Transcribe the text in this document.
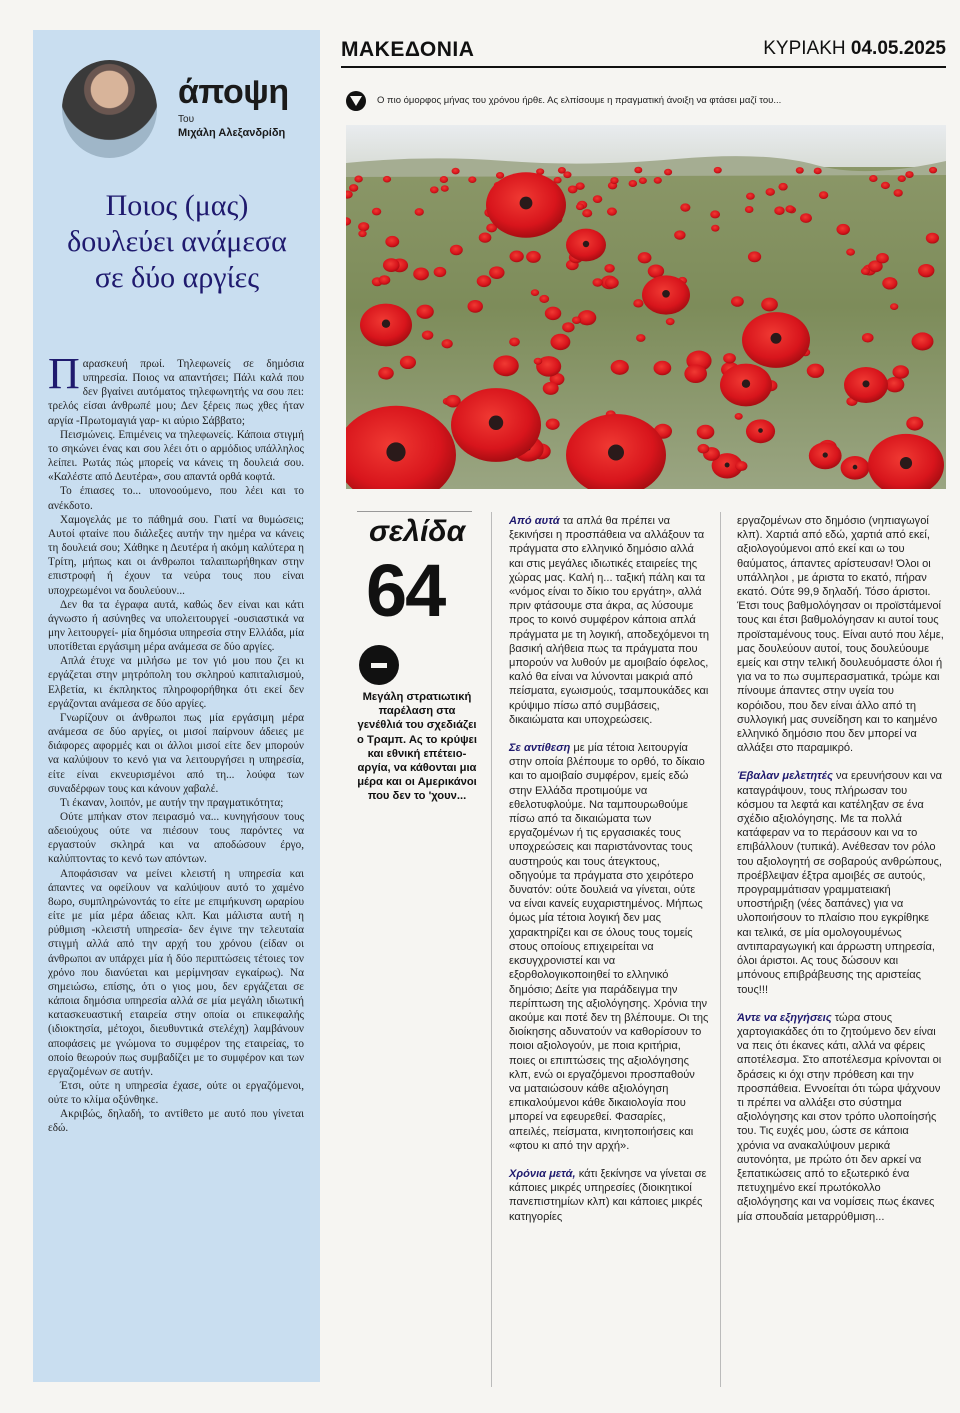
άποψη
Του
Μιχάλη Αλεξανδρίδη
Ποιος (μας) δουλεύει ανάμεσα σε δύο αργίες

Παρασκευή πρωί. Τηλεφωνείς σε δημόσια υπηρεσία. Ποιος να απαντήσει; Πάλι καλά που δεν βγαίνει αυτόματος τηλεφωνητής να σου πει: τρελός είσαι άνθρωπέ μου; Δεν ξέρεις πως χθες ήταν αργία -Πρωτομαγιά γαρ- κι αύριο Σάββατο;

Πεισμώνεις. Επιμένεις να τηλεφωνείς. Κάποια στιγμή το σηκώνει ένας και σου λέει ότι ο αρμόδιος υπάλληλος λείπει. Ρωτάς πώς μπορείς να κάνεις τη δουλειά σου. «Καλέστε από Δευτέρα», σου απαντά ορθά κοφτά.

Το έπιασες το... υπονοούμενο, που λέει και το ανέκδοτο.

Χαμογελάς με το πάθημά σου. Γιατί να θυμώσεις; Αυτοί φταίνε που διάλεξες αυτήν την ημέρα να κάνεις τη δουλειά σου; Χάθηκε η Δευτέρα ή ακόμη καλύτερα η Τρίτη, μήπως και οι άνθρωποι ταλαιπωρήθηκαν στην επιστροφή ή έχουν τα νεύρα τους που είναι υποχρεωμένοι να δουλεύουν...

Δεν θα τα έγραφα αυτά, καθώς δεν είναι και κάτι άγνωστο ή ασύνηθες να υπολειτουργεί -ουσιαστικά να μην λειτουργεί- μία δημόσια υπηρεσία στην Ελλάδα, μία υποτίθεται εργάσιμη μέρα ανάμεσα σε δύο αργίες.

Απλά έτυχε να μιλήσω με τον γιό μου που ζει κι εργάζεται στην μητρόπολη του σκληρού καπιταλισμού, Ελβετία, κι έκπληκτος πληροφορήθηκα ότι εκεί δεν εργάζονται ανάμεσα σε δύο αργίες.

Γνωρίζουν οι άνθρωποι πως μία εργάσιμη μέρα ανάμεσα σε δύο αργίες, οι μισοί παίρνουν άδειες με διάφορες αφορμές και οι άλλοι μισοί είτε δεν μπορούν να καλύψουν το κενό για να λειτουργήσει η υπηρεσία, είτε είναι εκνευρισμένοι από τη... λούφα των συναδέρφων τους και κάνουν χαβαλέ.

Τι έκαναν, λοιπόν, με αυτήν την πραγματικότητα;

Ούτε μπήκαν στον πειρασμό να... κυνηγήσουν τους αδειούχους ούτε να πιέσουν τους παρόντες να εργαστούν σκληρά και να αποδώσουν έργο, καλύπτοντας το κενό των απόντων.

Αποφάσισαν να μείνει κλειστή η υπηρεσία και άπαντες να οφείλουν να καλύψουν αυτό το χαμένο 8ωρο, συμπληρώνοντάς το είτε με επιμήκυνση ωραρίου είτε με μία μέρα άδειας κλπ. Και μάλιστα αυτή η ρύθμιση -κλειστή υπηρεσία- δεν έγινε την τελευταία στιγμή αλλά από την αρχή του χρόνου (είδαν οι άνθρωποι αν υπάρχει μία ή δύο περιπτώσεις τέτοιες τον χρόνο που διανύεται και μερίμνησαν εγκαίρως). Να σημειώσω, επίσης, ότι ο γιος μου, δεν εργάζεται σε κάποια δημόσια υπηρεσία αλλά σε μία μεγάλη ιδιωτική κατασκευαστική εταιρεία στην οποία οι επικεφαλής (ιδιοκτησία, μέτοχοι, διευθυντικά στελέχη) λαμβάνουν αποφάσεις με γνώμονα το συμφέρον της εταιρείας, το οποίο θεωρούν πως συμβαδίζει με το συμφέρον και των εργαζομένων σε αυτήν.

Έτσι, ούτε η υπηρεσία έχασε, ούτε οι εργαζόμενοι, ούτε το κλίμα οξύνθηκε.

Ακριβώς, δηλαδή, το αντίθετο με αυτό που γίνεται εδώ.

ΜΑΚΕΔΟΝΙΑ	ΚΥΡΙΑΚΗ 04.05.2025
Ο πιο όμορφος μήνας του χρόνου ήρθε. Ας ελπίσουμε η πραγματική άνοιξη να φτάσει μαζί του...
σελίδα
64
Μεγάλη στρατιωτική παρέλαση στα γενέθλιά του σχεδιάζει ο Τραμπ. Ας το κρύψει και εθνική επέτειο-αργία, να κάθονται μια μέρα και οι Αμερικάνοι που δεν το 'χουν...

Από αυτά τα απλά θα πρέπει να ξεκινήσει η προσπάθεια να αλλάξουν τα πράγματα στο ελληνικό δημόσιο αλλά και στις μεγάλες ιδιωτικές εταιρείες της χώρας μας. Καλή η... ταξική πάλη και τα «νόμος είναι το δίκιο του εργάτη», αλλά πριν φτάσουμε στα άκρα, ας λύσουμε προς το κοινό συμφέρον κάποια απλά πράγματα με τη λογική, αποδεχόμενοι τη βασική αλήθεια πως τα πράγματα που μπορούν να λυθούν με αμοιβαίο όφελος, καλό θα είναι να λύνονται μακριά από πείσματα, εγωισμούς, τσαμπουκάδες και κρύψιμο πίσω από συμβάσεις, δικαιώματα και υποχρεώσεις.

Σε αντίθεση με μία τέτοια λειτουργία στην οποία βλέπουμε το ορθό, το δίκαιο και το αμοιβαίο συμφέρον, εμείς εδώ στην Ελλάδα προτιμούμε να εθελοτυφλούμε. Να ταμπουρωθούμε πίσω από τα δικαιώματα των εργαζομένων ή τις εργασιακές τους υποχρεώσεις και παριστάνοντας τους αυστηρούς και τους άτεγκτους, οδηγούμε τα πράγματα στο χειρότερο δυνατόν: ούτε δουλειά να γίνεται, ούτε να είναι κανείς ευχαριστημένος. Μήπως όμως μία τέτοια λογική δεν μας χαρακτηρίζει και σε όλους τους τομείς στους οποίους επιχειρείται να εκσυγχρονιστεί και να εξορθολογικοποιηθεί το ελληνικό δημόσιο; Δείτε για παράδειγμα την περίπτωση της αξιολόγησης. Χρόνια την ακούμε και ποτέ δεν τη βλέπουμε. Οι της διοίκησης αδυνατούν να καθορίσουν το ποιοι αξιολογούν, με ποια κριτήρια, ποιες οι επιπτώσεις της αξιολόγησης κλπ, ενώ οι εργαζόμενοι προσπαθούν να ματαιώσουν κάθε αξιολόγηση επικαλούμενοι κάθε δικαιολογία που μπορεί να εφευρεθεί. Φασαρίες, απειλές, πείσματα, κινητοποιήσεις και «φτου κι από την αρχή».

Χρόνια μετά, κάτι ξεκίνησε να γίνεται σε κάποιες μικρές υπηρεσίες (διοικητικοί πανεπιστημίων κλπ) και κάποιες μικρές κατηγορίες

εργαζομένων στο δημόσιο (νηπιαγωγοί κλπ). Χαρτιά από εδώ, χαρτιά από εκεί, αξιολογούμενοι από εκεί και ω του θαύματος, άπαντες αρίστευσαν! Όλοι οι υπάλληλοι , με άριστα το εκατό, πήραν εκατό. Ούτε 99,9 δηλαδή. Τόσο άριστοι. Έτσι τους βαθμολόγησαν οι προϊστάμενοί τους και έτσι βαθμολόγησαν κι αυτοί τους προϊσταμένους τους. Είναι αυτό που λέμε, μας δουλεύουν αυτοί, τους δουλεύουμε εμείς και στην τελική δουλευόμαστε όλοι ή για να το πω συμπερασματικά, τρώμε και πίνουμε άπαντες στην υγεία του κορόιδου, που δεν είναι άλλο από τη συλλογική μας συνείδηση και το καημένο ελληνικό δημόσιο που δεν μπορεί να αλλάξει στο παραμικρό.

Έβαλαν μελετητές να ερευνήσουν και να καταγράψουν, τους πλήρωσαν του κόσμου τα λεφτά και κατέληξαν σε ένα σχέδιο αξιολόγησης. Με τα πολλά κατάφεραν να το περάσουν και να το επιβάλλουν (τυπικά). Ανέθεσαν τον ρόλο του αξιολογητή σε σοβαρούς ανθρώπους, προέβλεψαν έξτρα αμοιβές σε αυτούς, προγραμμάτισαν γραμματειακή υποστήριξη (νέες δαπάνες) για να υλοποιήσουν το πλαίσιο που εγκρίθηκε και τελικά, σε μία ομολογουμένως αντιπαραγωγική και άρρωστη υπηρεσία, όλοι άριστοι. Ας τους δώσουν και μπόνους επιβράβευσης της αριστείας τους!!!

Άντε να εξηγήσεις τώρα στους χαρτογιακάδες ότι το ζητούμενο δεν είναι να πεις ότι έκανες κάτι, αλλά να φέρεις αποτέλεσμα. Στο αποτέλεσμα κρίνονται οι δράσεις κι όχι στην πρόθεση και την προσπάθεια. Εννοείται ότι τώρα ψάχνουν τι πρέπει να αλλάξει στο σύστημα αξιολόγησης και στον τρόπο υλοποίησής του. Τις ευχές μου, ώστε σε κάποια χρόνια να ανακαλύψουν μερικά αυτονόητα, με πρώτο ότι δεν αρκεί να ξεπατικώσεις από το εξωτερικό ένα πετυχημένο εκεί πρωτόκολλο αξιολόγησης και να νομίσεις πως έκανες μία σπουδαία μεταρρύθμιση...
